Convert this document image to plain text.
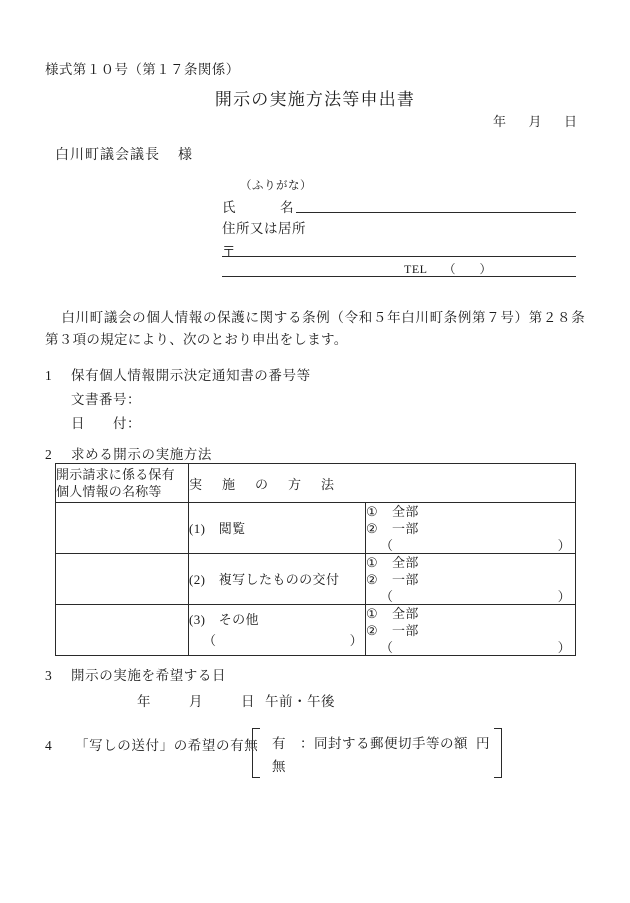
様式第１０号（第１７条関係）
開示の実施方法等申出書
年 月 日
白川町議会議長 様
（ふりがな）
氏	名
住所又は居所
〒
TEL （　）
白川町議会の個人情報の保護に関する条例（令和５年白川町条例第７号）第２８条第３項の規定により、次のとおり申出をします。
1 保有個人情報開示決定通知書の番号等
文書番号：
日 付：
2 求める開示の実施方法
開示請求に係る保有
個人情報の名称等	実　施　の　方　法	
	(1)　閲覧	① 全部
② 一部
（ ）

	(2)　複写したものの交付	① 全部
② 一部
（ ）

	(3)　その他
（ ）	① 全部
② 一部
（ ）
3 開示の実施を希望する日
年	月	日 午前・午後
4 「写しの送付」の希望の有無 有　：同封する郵便切手等の額 円
無
